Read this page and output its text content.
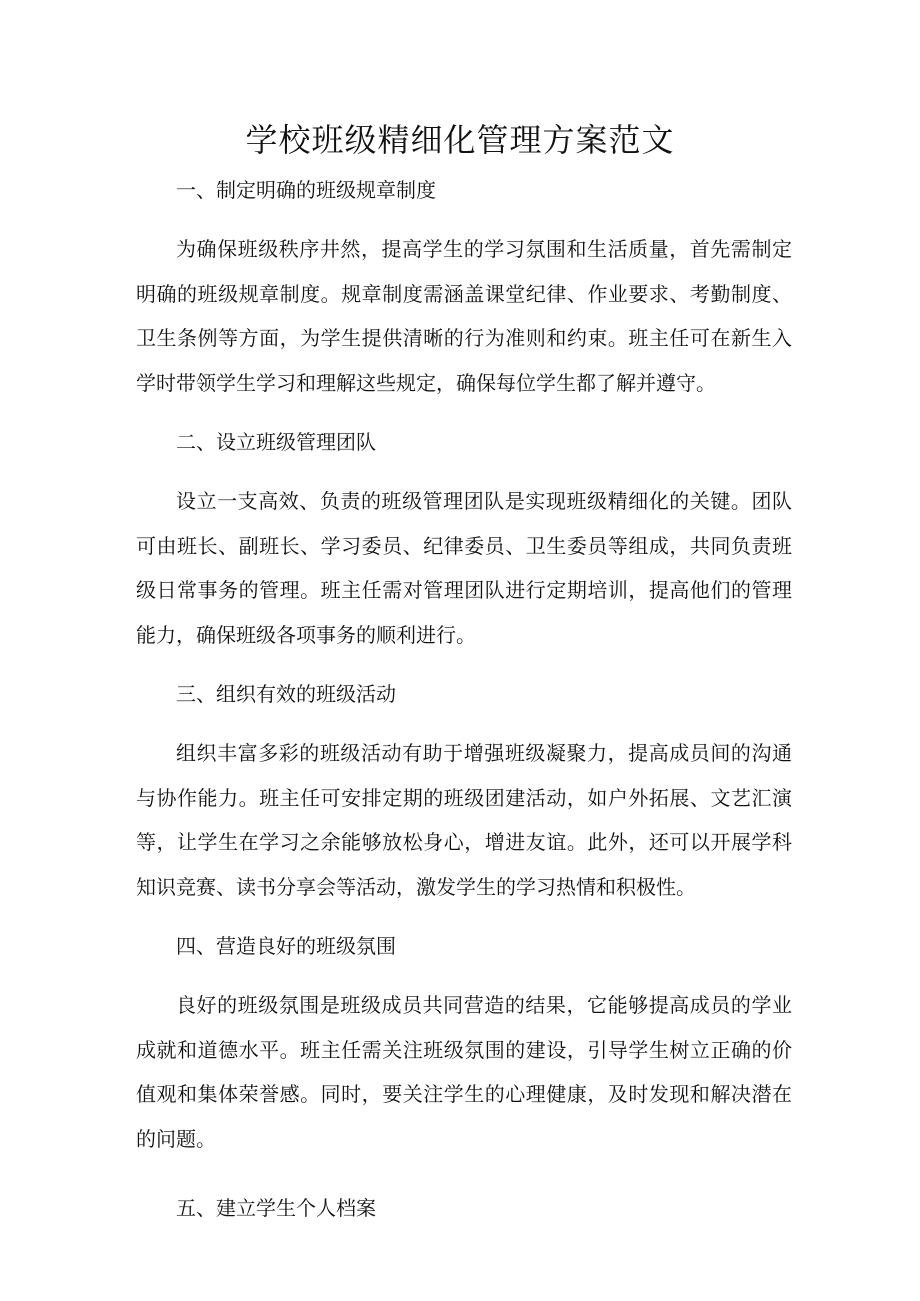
学校班级精细化管理方案范文

一、制定明确的班级规章制度

为确保班级秩序井然，提高学生的学习氛围和生活质量，首先需制定明确的班级规章制度。规章制度需涵盖课堂纪律、作业要求、考勤制度、卫生条例等方面，为学生提供清晰的行为准则和约束。班主任可在新生入学时带领学生学习和理解这些规定，确保每位学生都了解并遵守。

二、设立班级管理团队

设立一支高效、负责的班级管理团队是实现班级精细化的关键。团队可由班长、副班长、学习委员、纪律委员、卫生委员等组成，共同负责班级日常事务的管理。班主任需对管理团队进行定期培训，提高他们的管理能力，确保班级各项事务的顺利进行。

三、组织有效的班级活动

组织丰富多彩的班级活动有助于增强班级凝聚力，提高成员间的沟通与协作能力。班主任可安排定期的班级团建活动，如户外拓展、文艺汇演等，让学生在学习之余能够放松身心，增进友谊。此外，还可以开展学科知识竞赛、读书分享会等活动，激发学生的学习热情和积极性。

四、营造良好的班级氛围

良好的班级氛围是班级成员共同营造的结果，它能够提高成员的学业成就和道德水平。班主任需关注班级氛围的建设，引导学生树立正确的价值观和集体荣誉感。同时，要关注学生的心理健康，及时发现和解决潜在的问题。

五、建立学生个人档案
